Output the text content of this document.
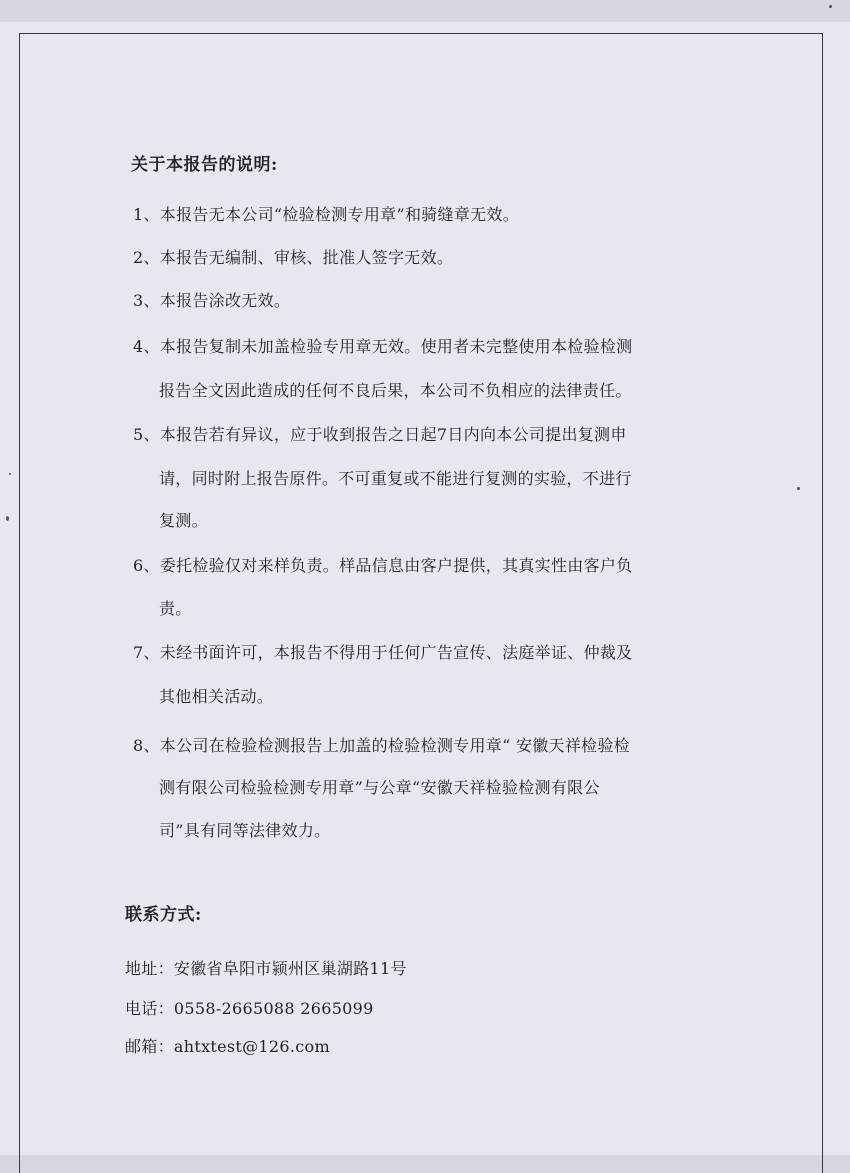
关于本报告的说明:
1、本报告无本公司“检验检测专用章”和骑缝章无效。
2、本报告无编制、审核、批准人签字无效。
3、本报告涂改无效。
4、本报告复制未加盖检验专用章无效。使用者未完整使用本检验检测
报告全文因此造成的任何不良后果，本公司不负相应的法律责任。
5、本报告若有异议，应于收到报告之日起7日内向本公司提出复测申
请，同时附上报告原件。不可重复或不能进行复测的实验，不进行
复测。
6、委托检验仅对来样负责。样品信息由客户提供，其真实性由客户负
责。
7、未经书面许可，本报告不得用于任何广告宣传、法庭举证、仲裁及
其他相关活动。
8、本公司在检验检测报告上加盖的检验检测专用章“ 安徽天祥检验检
测有限公司检验检测专用章”与公章“安徽天祥检验检测有限公
司”具有同等法律效力。
联系方式:
地址：安徽省阜阳市颍州区巢湖路11号
电话：0558-2665088 2665099
邮箱：ahtxtest@126.com
